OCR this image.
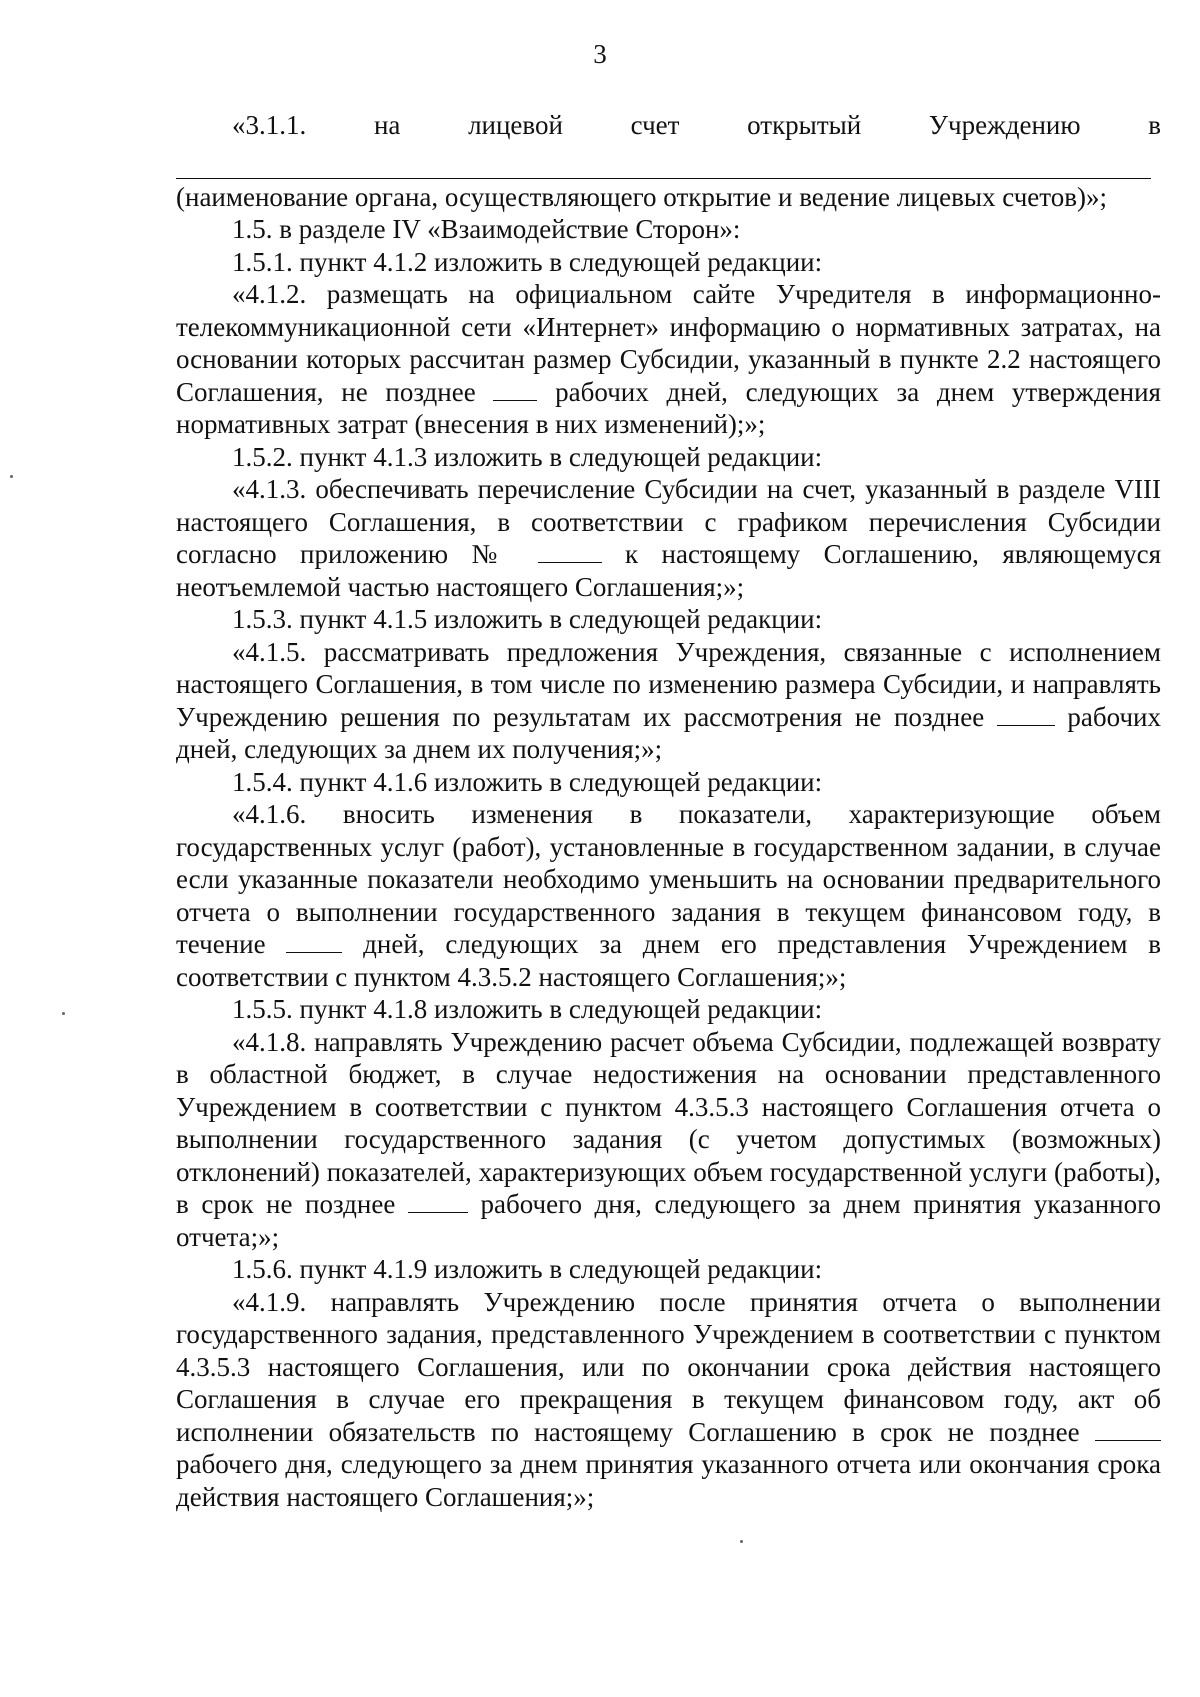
3
«3.1.1.	на	лицевой	счет	открытый	Учреждению	в

(наименование органа, осуществляющего открытие и ведение лицевых счетов)»;

1.5. в разделе IV «Взаимодействие Сторон»:

1.5.1. пункт 4.1.2 изложить в следующей редакции:

«4.1.2. размещать на официальном сайте Учредителя в информационно-телекоммуникационной сети «Интернет» информацию о нормативных затратах, на основании которых рассчитан размер Субсидии, указанный в пункте 2.2 настоящего Соглашения, не позднее  рабочих дней, следующих за днем утверждения нормативных затрат (внесения в них изменений);»;

1.5.2. пункт 4.1.3 изложить в следующей редакции:

«4.1.3. обеспечивать перечисление Субсидии на счет, указанный в разделе VIII настоящего Соглашения, в соответствии с графиком перечисления Субсидии согласно приложению №  к настоящему Соглашению, являющемуся неотъемлемой частью настоящего Соглашения;»;

1.5.3. пункт 4.1.5 изложить в следующей редакции:

«4.1.5. рассматривать предложения Учреждения, связанные с исполнением настоящего Соглашения, в том числе по изменению размера Субсидии, и направлять Учреждению решения по результатам их рассмотрения не позднее  рабочих дней, следующих за днем их получения;»;

1.5.4. пункт 4.1.6 изложить в следующей редакции:

«4.1.6. вносить изменения в показатели, характеризующие объем государственных услуг (работ), установленные в государственном задании, в случае если указанные показатели необходимо уменьшить на основании предварительного отчета о выполнении государственного задания в текущем финансовом году, в течение  дней, следующих за днем его представления Учреждением в соответствии с пунктом 4.3.5.2 настоящего Соглашения;»;

1.5.5. пункт 4.1.8 изложить в следующей редакции:

«4.1.8. направлять Учреждению расчет объема Субсидии, подлежащей возврату в областной бюджет, в случае недостижения на основании представленного Учреждением в соответствии с пунктом 4.3.5.3 настоящего Соглашения отчета о выполнении государственного задания (с учетом допустимых (возможных) отклонений) показателей, характеризующих объем государственной услуги (работы), в срок не позднее  рабочего дня, следующего за днем принятия указанного отчета;»;

1.5.6. пункт 4.1.9 изложить в следующей редакции:

«4.1.9. направлять Учреждению после принятия отчета о выполнении государственного задания, представленного Учреждением в соответствии с пунктом 4.3.5.3 настоящего Соглашения, или по окончании срока действия настоящего Соглашения в случае его прекращения в текущем финансовом году, акт об исполнении обязательств по настоящему Соглашению в срок не позднее  рабочего дня, следующего за днем принятия указанного отчета или окончания срока действия настоящего Соглашения;»;
